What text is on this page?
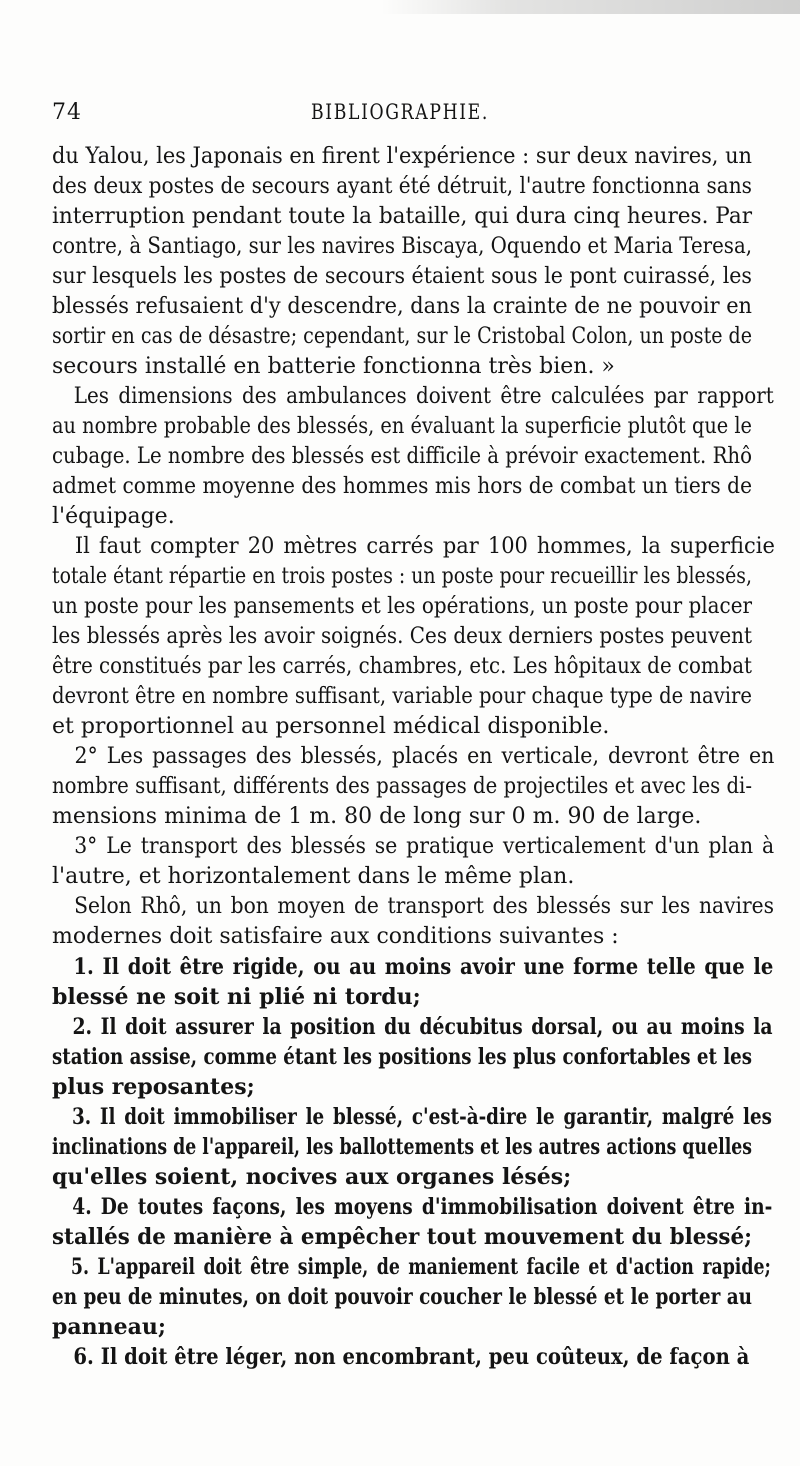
74	BIBLIOGRAPHIE.
du Yalou, les Japonais en firent l'expérience : sur deux navires, un
des deux postes de secours ayant été détruit, l'autre fonctionna sans
interruption pendant toute la bataille, qui dura cinq heures. Par
contre, à Santiago, sur les navires Biscaya, Oquendo et Maria Teresa,
sur lesquels les postes de secours étaient sous le pont cuirassé, les
blessés refusaient d'y descendre, dans la crainte de ne pouvoir en
sortir en cas de désastre; cependant, sur le Cristobal Colon, un poste de
secours installé en batterie fonctionna très bien. »
Les dimensions des ambulances doivent être calculées par rapport
au nombre probable des blessés, en évaluant la superficie plutôt que le
cubage. Le nombre des blessés est difficile à prévoir exactement. Rhô
admet comme moyenne des hommes mis hors de combat un tiers de
l'équipage.
Il faut compter 20 mètres carrés par 100 hommes, la superficie
totale étant répartie en trois postes : un poste pour recueillir les blessés,
un poste pour les pansements et les opérations, un poste pour placer
les blessés après les avoir soignés. Ces deux derniers postes peuvent
être constitués par les carrés, chambres, etc. Les hôpitaux de combat
devront être en nombre suffisant, variable pour chaque type de navire
et proportionnel au personnel médical disponible.
2° Les passages des blessés, placés en verticale, devront être en
nombre suffisant, différents des passages de projectiles et avec les di-
mensions minima de 1 m. 80 de long sur 0 m. 90 de large.
3° Le transport des blessés se pratique verticalement d'un plan à
l'autre, et horizontalement dans le même plan.
Selon Rhô, un bon moyen de transport des blessés sur les navires
modernes doit satisfaire aux conditions suivantes :
1. Il doit être rigide, ou au moins avoir une forme telle que le
blessé ne soit ni plié ni tordu;
2. Il doit assurer la position du décubitus dorsal, ou au moins la
station assise, comme étant les positions les plus confortables et les
plus reposantes;
3. Il doit immobiliser le blessé, c'est-à-dire le garantir, malgré les
inclinations de l'appareil, les ballottements et les autres actions quelles
qu'elles soient, nocives aux organes lésés;
4. De toutes façons, les moyens d'immobilisation doivent être in-
stallés de manière à empêcher tout mouvement du blessé;
5. L'appareil doit être simple, de maniement facile et d'action rapide;
en peu de minutes, on doit pouvoir coucher le blessé et le porter au
panneau;
6. Il doit être léger, non encombrant, peu coûteux, de façon à
